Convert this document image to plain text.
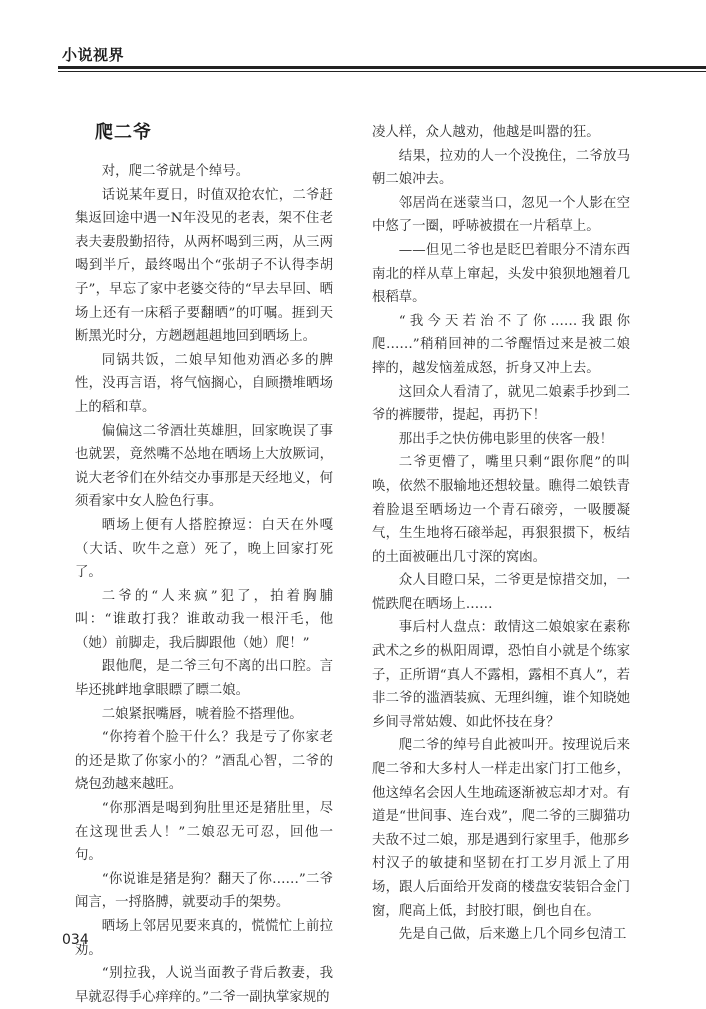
小说视界
爬二爷

对，爬二爷就是个绰号。

话说某年夏日，时值双抢农忙，二爷赶集返回途中遇一N年没见的老表，架不住老表夫妻殷勤招待，从两杯喝到三两，从三两喝到半斤，最终喝出个“张胡子不认得李胡子”，早忘了家中老婆交待的“早去早回、晒场上还有一床稻子要翻晒”的叮嘱。捱到天断黑光时分，方趔趔趄趄地回到晒场上。

同锅共饭，二娘早知他劝酒必多的脾性，没再言语，将气恼搁心，自顾攒堆晒场上的稻和草。

偏偏这二爷酒壮英雄胆，回家晚误了事也就罢，竟然嘴不怂地在晒场上大放厥词，说大老爷们在外结交办事那是天经地义，何须看家中女人脸色行事。

晒场上便有人搭腔撩逗：白天在外嘎（大话、吹牛之意）死了，晚上回家打死了。

二爷的“人来疯”犯了，拍着胸脯叫：“谁敢打我？谁敢动我一根汗毛，他（她）前脚走，我后脚跟他（她）爬！”

跟他爬，是二爷三句不离的出口腔。言毕还挑衅地拿眼瞟了瞟二娘。

二娘紧抿嘴唇，唬着脸不搭理他。

“你挎着个脸干什么？我是亏了你家老的还是欺了你家小的？”酒乱心智，二爷的烧包劲越来越旺。

“你那酒是喝到狗肚里还是猪肚里，尽在这现世丢人！”二娘忍无可忍，回他一句。

“你说谁是猪是狗？翻天了你……”二爷闻言，一捋胳膊，就要动手的架势。

晒场上邻居见要来真的，慌慌忙上前拉劝。

“别拉我，人说当面教子背后教妻，我早就忍得手心痒痒的。”二爷一副执掌家规的

凌人样，众人越劝，他越是叫嚣的狂。

结果，拉劝的人一个没挽住，二爷放马朝二娘冲去。

邻居尚在迷蒙当口，忽见一个人影在空中悠了一圈，呼哧被掼在一片稻草上。

——但见二爷也是眨巴着眼分不清东西南北的样从草上窜起，头发中狼狈地翘着几根稻草。

“我今天若治不了你……我跟你爬……”稍稍回神的二爷醒悟过来是被二娘摔的，越发恼羞成怒，折身又冲上去。

这回众人看清了，就见二娘素手抄到二爷的裤腰带，提起，再扔下！

那出手之快仿佛电影里的侠客一般！

二爷更懵了，嘴里只剩“跟你爬”的叫唤，依然不服输地还想较量。瞧得二娘铁青着脸退至晒场边一个青石磙旁，一吸腰凝气，生生地将石磙举起，再狠狠掼下，板结的土面被砸出几寸深的窝凼。

众人目瞪口呆，二爷更是惊措交加，一慌跌爬在晒场上……

事后村人盘点：敢情这二娘娘家在素称武术之乡的枞阳周谭，恐怕自小就是个练家子，正所谓“真人不露相，露相不真人”，若非二爷的滥酒装疯、无理纠缠，谁个知晓她乡间寻常姑嫂、如此怀技在身？

爬二爷的绰号自此被叫开。按理说后来爬二爷和大多村人一样走出家门打工他乡，他这绰名会因人生地疏逐渐被忘却才对。有道是“世间事、连台戏”，爬二爷的三脚猫功夫敌不过二娘，那是遇到行家里手，他那乡村汉子的敏捷和坚韧在打工岁月派上了用场，跟人后面给开发商的楼盘安装铝合金门窗，爬高上低，封胶打眼，倒也自在。

先是自己做，后来邀上几个同乡包清工

034
